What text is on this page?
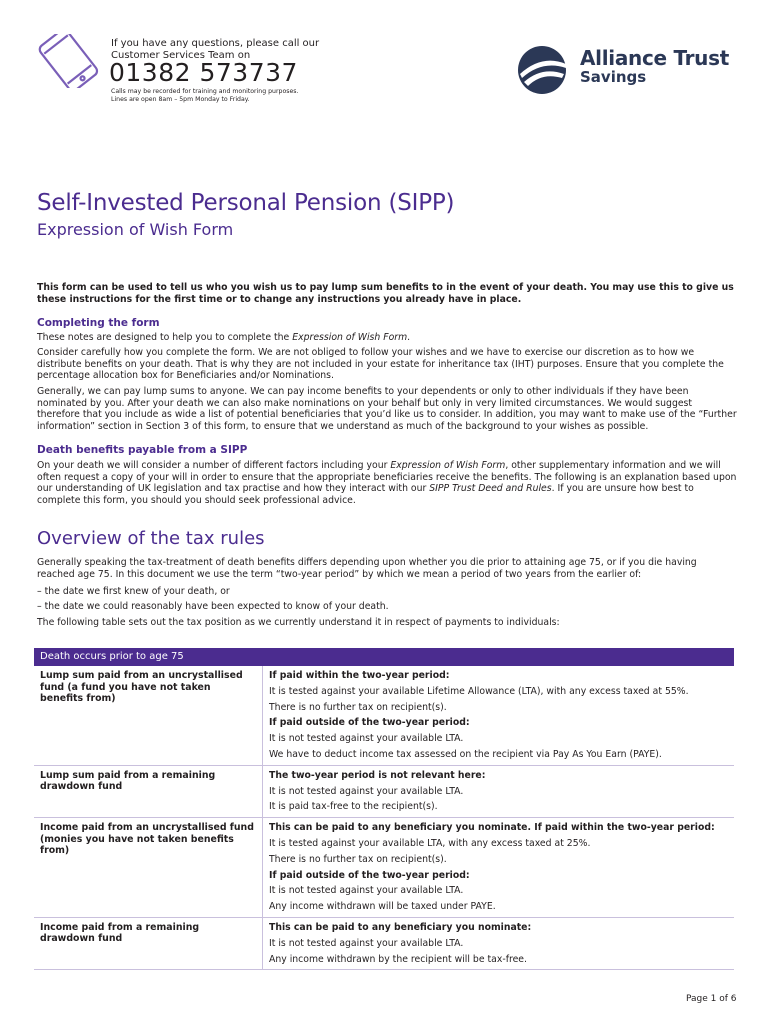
If you have any questions, please call our Customer Services Team on
01382 573737
Calls may be recorded for training and monitoring purposes.
Lines are open 8am – 5pm Monday to Friday.
Alliance Trust
Savings
Self-Invested Personal Pension (SIPP)
Expression of Wish Form
This form can be used to tell us who you wish us to pay lump sum benefits to in the event of your death. You may use this to give us these instructions for the first time or to change any instructions you already have in place.
Completing the form
These notes are designed to help you to complete the Expression of Wish Form.
Consider carefully how you complete the form. We are not obliged to follow your wishes and we have to exercise our discretion as to how we distribute benefits on your death. That is why they are not included in your estate for inheritance tax (IHT) purposes. Ensure that you complete the percentage allocation box for Beneficiaries and/or Nominations.
Generally, we can pay lump sums to anyone. We can pay income benefits to your dependents or only to other individuals if they have been nominated by you. After your death we can also make nominations on your behalf but only in very limited circumstances. We would suggest therefore that you include as wide a list of potential beneficiaries that you’d like us to consider. In addition, you may want to make use of the “Further information” section in Section 3 of this form, to ensure that we understand as much of the background to your wishes as possible.
Death benefits payable from a SIPP
On your death we will consider a number of different factors including your Expression of Wish Form, other supplementary information and we will often request a copy of your will in order to ensure that the appropriate beneficiaries receive the benefits. The following is an explanation based upon our understanding of UK legislation and tax practise and how they interact with our SIPP Trust Deed and Rules. If you are unsure how best to complete this form, you should you should seek professional advice.
Overview of the tax rules
Generally speaking the tax-treatment of death benefits differs depending upon whether you die prior to attaining age 75, or if you die having reached age 75. In this document we use the term “two-year period” by which we mean a period of two years from the earlier of:
– the date we first knew of your death, or
– the date we could reasonably have been expected to know of your death.
The following table sets out the tax position as we currently understand it in respect of payments to individuals:
Death occurs prior to age 75
Lump sum paid from an uncrystallised fund (a fund you have not taken benefits from)
If paid within the two-year period:
It is tested against your available Lifetime Allowance (LTA), with any excess taxed at 55%.
There is no further tax on recipient(s).
If paid outside of the two-year period:
It is not tested against your available LTA.
We have to deduct income tax assessed on the recipient via Pay As You Earn (PAYE).
Lump sum paid from a remaining drawdown fund
The two-year period is not relevant here:
It is not tested against your available LTA.
It is paid tax-free to the recipient(s).
Income paid from an uncrystallised fund (monies you have not taken benefits from)
This can be paid to any beneficiary you nominate. If paid within the two-year period:
It is tested against your available LTA, with any excess taxed at 25%.
There is no further tax on recipient(s).
If paid outside of the two-year period:
It is not tested against your available LTA.
Any income withdrawn will be taxed under PAYE.
Income paid from a remaining drawdown fund
This can be paid to any beneficiary you nominate:
It is not tested against your available LTA.
Any income withdrawn by the recipient will be tax-free.
Page 1 of 6
